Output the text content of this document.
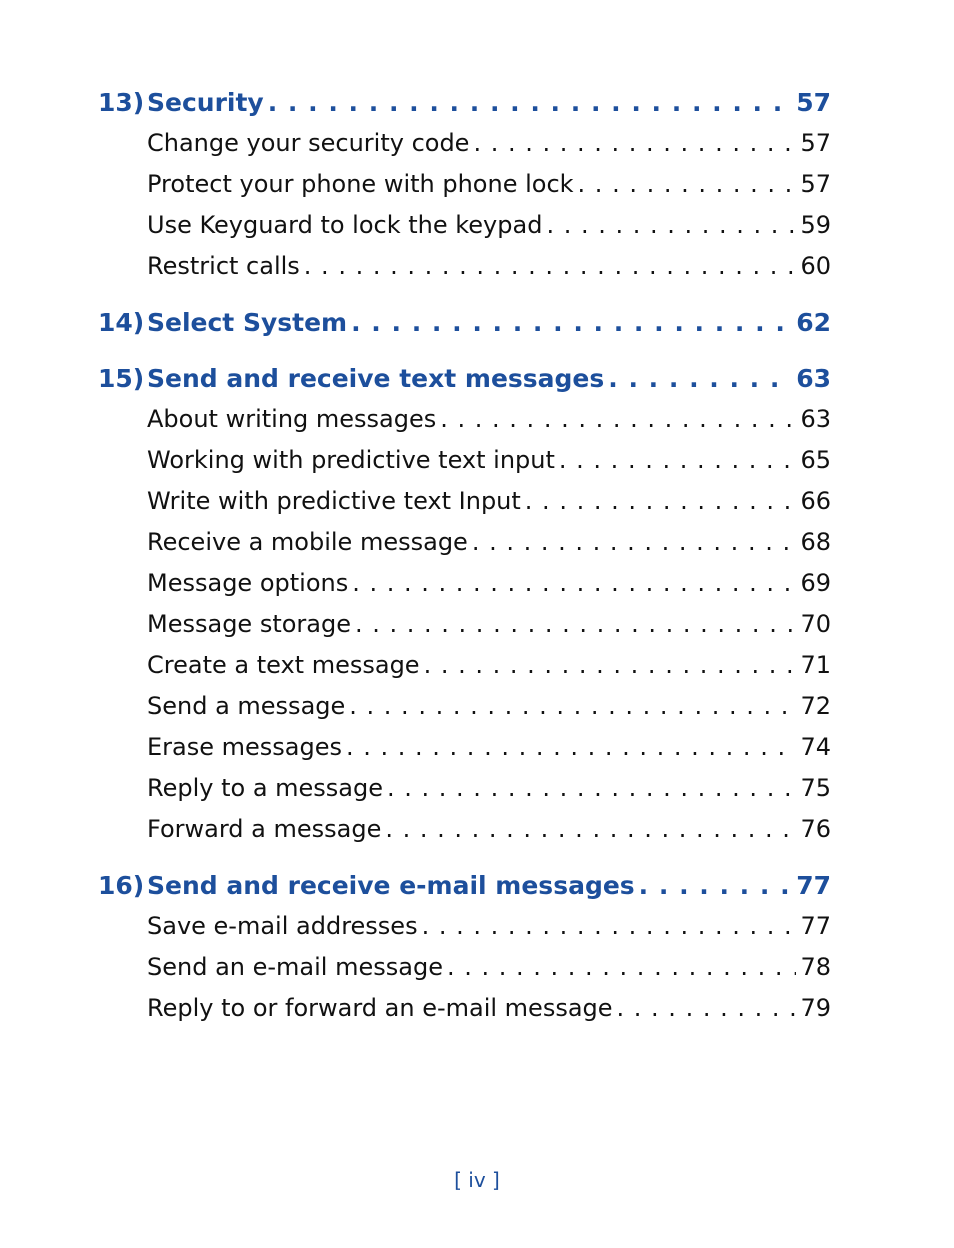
13) Security . . .	57
Change your security code . . .	57
Protect your phone with phone lock . . .	57
Use Keyguard to lock the keypad . . .	59
Restrict calls . . .	60
14) Select System . . .	62
15) Send and receive text messages . . .	63
About writing messages . . .	63
Working with predictive text input . . .	65
Write with predictive text Input . . .	66
Receive a mobile message . . .	68
Message options . . .	69
Message storage . . .	70
Create a text message . . .	71
Send a message . . .	72
Erase messages . . .	74
Reply to a message . . .	75
Forward a message . . .	76
16) Send and receive e-mail messages . . .	77
Save e-mail addresses . . .	77
Send an e-mail message . . .	78
Reply to or forward an e-mail message . . .	79
[ iv ]
